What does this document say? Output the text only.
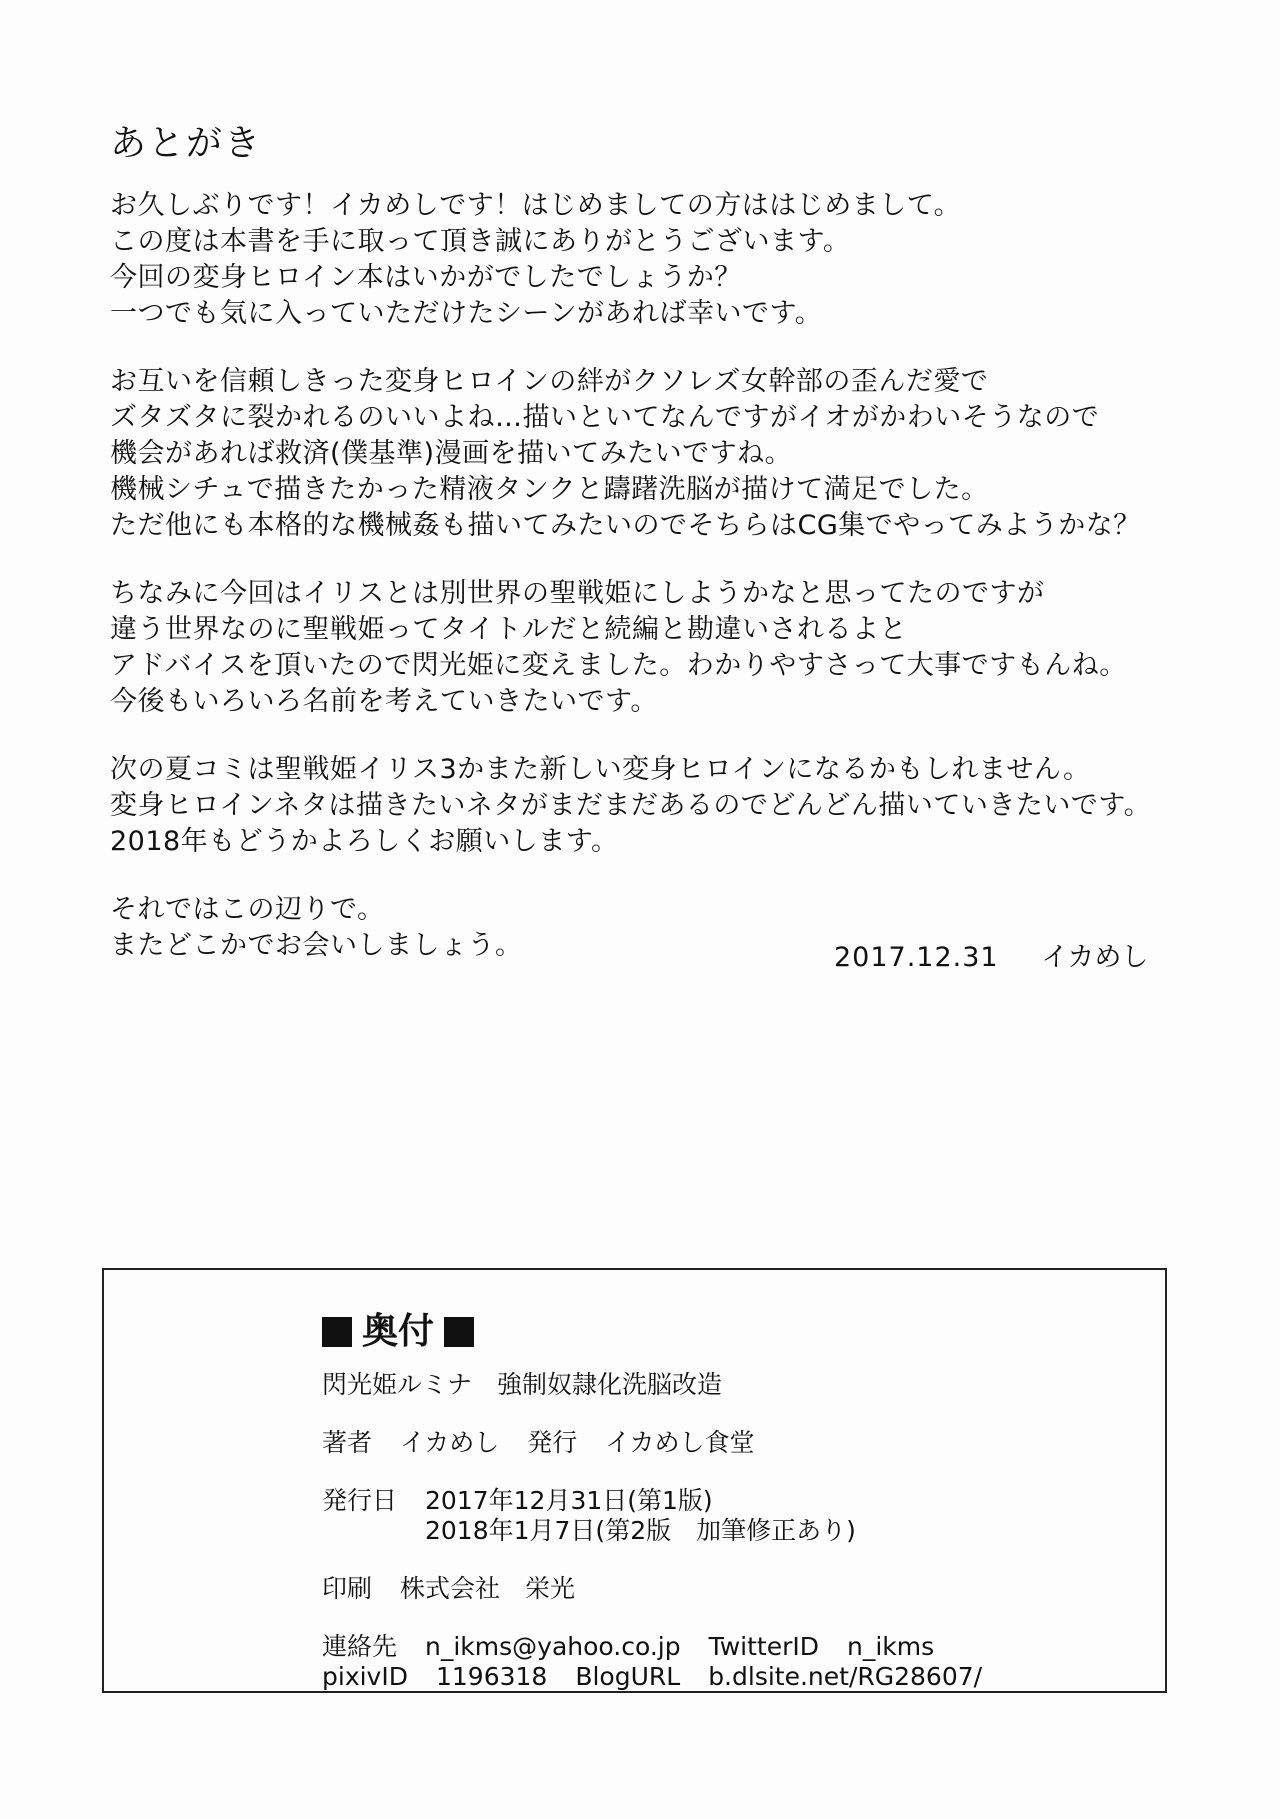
あとがき
お久しぶりです！イカめしです！はじめましての方ははじめまして。
この度は本書を手に取って頂き誠にありがとうございます。
今回の変身ヒロイン本はいかがでしたでしょうか？
一つでも気に入っていただけたシーンがあれば幸いです。
お互いを信頼しきった変身ヒロインの絆がクソレズ女幹部の歪んだ愛で
ズタズタに裂かれるのいいよね…描いといてなんですがイオがかわいそうなので
機会があれば救済(僕基準)漫画を描いてみたいですね。
機械シチュで描きたかった精液タンクと躊躇洗脳が描けて満足でした。
ただ他にも本格的な機械姦も描いてみたいのでそちらはCG集でやってみようかな？
ちなみに今回はイリスとは別世界の聖戦姫にしようかなと思ってたのですが
違う世界なのに聖戦姫ってタイトルだと続編と勘違いされるよと
アドバイスを頂いたので閃光姫に変えました。わかりやすさって大事ですもんね。
今後もいろいろ名前を考えていきたいです。
次の夏コミは聖戦姫イリス3かまた新しい変身ヒロインになるかもしれません。
変身ヒロインネタは描きたいネタがまだまだあるのでどんどん描いていきたいです。
2018年もどうかよろしくお願いします。
それではこの辺りで。
またどこかでお会いしましょう。	2017.12.31 イカめし
奥付
閃光姫ルミナ　強制奴隷化洗脳改造
著者 イカめし 発行 イカめし食堂
発行日 2017年12月31日(第1版)
2018年1月7日(第2版　加筆修正あり)
印刷 株式会社　栄光
連絡先 n_ikms@yahoo.co.jp TwitterID n_ikms
pixivID 1196318 BlogURL b.dlsite.net/RG28607/
